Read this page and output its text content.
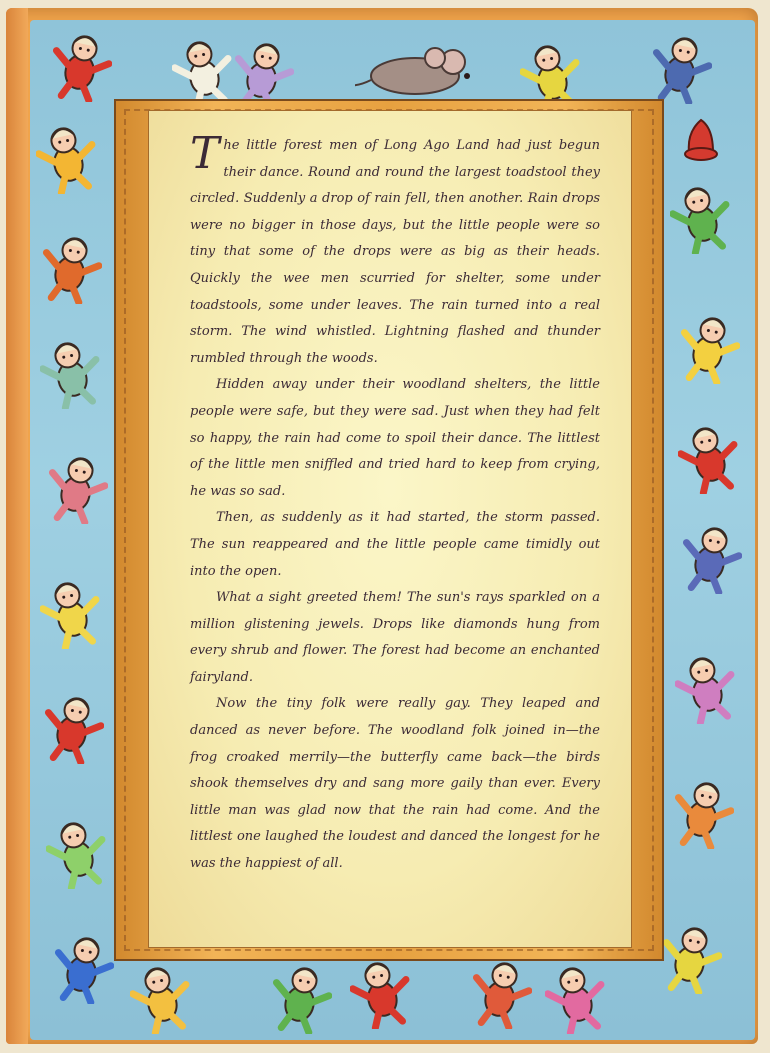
The little forest men of Long Ago Land had just begun their dance. Round and round the largest toadstool they circled. Suddenly a drop of rain fell, then another. Rain drops were no bigger in those days, but the little people were so tiny that some of the drops were as big as their heads. Quickly the wee men scurried for shelter, some under toadstools, some under leaves. The rain turned into a real storm. The wind whistled. Lightning flashed and thunder rumbled through the woods.

Hidden away under their woodland shelters, the little people were safe, but they were sad. Just when they had felt so happy, the rain had come to spoil their dance. The littlest of the little men sniffled and tried hard to keep from crying, he was so sad.

Then, as suddenly as it had started, the storm passed. The sun reappeared and the little people came timidly out into the open.

What a sight greeted them! The sun's rays sparkled on a million glistening jewels. Drops like diamonds hung from every shrub and flower. The forest had become an enchanted fairyland.

Now the tiny folk were really gay. They leaped and danced as never before. The woodland folk joined in—the frog croaked merrily—the butterfly came back—the birds shook themselves dry and sang more gaily than ever. Every little man was glad now that the rain had come. And the littlest one laughed the loudest and danced the longest for he was the happiest of all.
